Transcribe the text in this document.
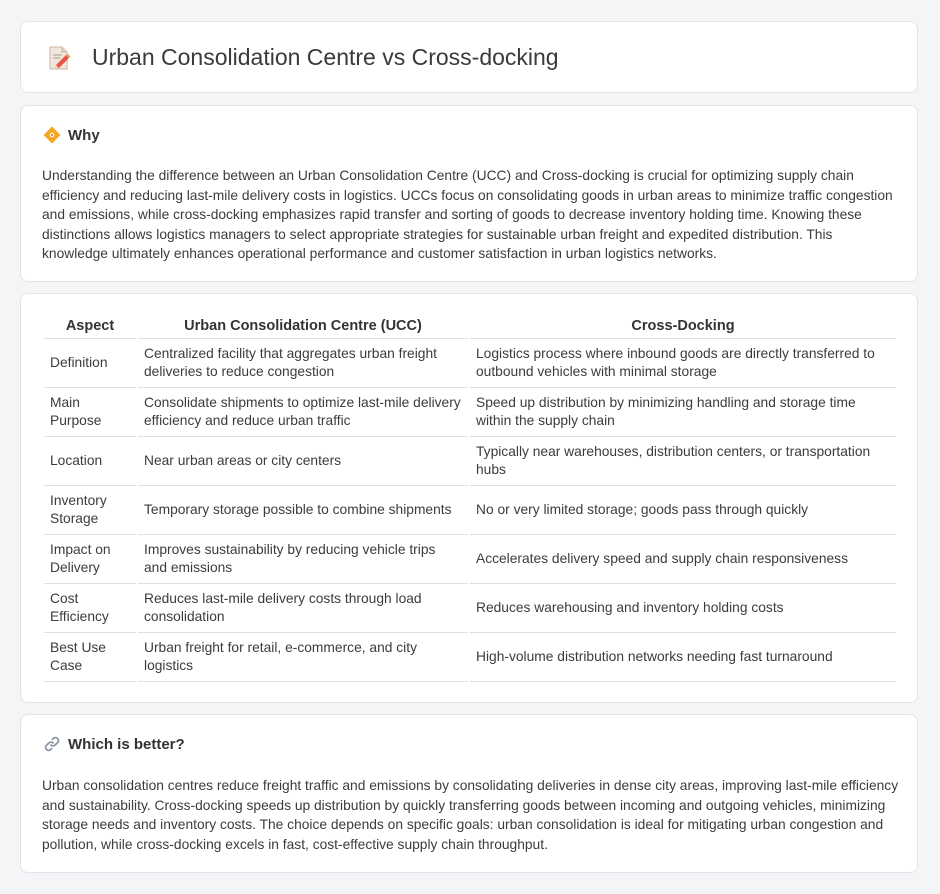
Urban Consolidation Centre vs Cross-docking
Why

Understanding the difference between an Urban Consolidation Centre (UCC) and Cross-docking is crucial for optimizing supply chain efficiency and reducing last-mile delivery costs in logistics. UCCs focus on consolidating goods in urban areas to minimize traffic congestion and emissions, while cross-docking emphasizes rapid transfer and sorting of goods to decrease inventory holding time. Knowing these distinctions allows logistics managers to select appropriate strategies for sustainable urban freight and expedited distribution. This knowledge ultimately enhances operational performance and customer satisfaction in urban logistics networks.

Aspect	Urban Consolidation Centre (UCC)	Cross-Docking
Definition	Centralized facility that aggregates urban freight deliveries to reduce congestion	Logistics process where inbound goods are directly transferred to outbound vehicles with minimal storage
Main Purpose	Consolidate shipments to optimize last-mile delivery efficiency and reduce urban traffic	Speed up distribution by minimizing handling and storage time within the supply chain
Location	Near urban areas or city centers	Typically near warehouses, distribution centers, or transportation hubs
Inventory Storage	Temporary storage possible to combine shipments	No or very limited storage; goods pass through quickly
Impact on Delivery	Improves sustainability by reducing vehicle trips and emissions	Accelerates delivery speed and supply chain responsiveness
Cost Efficiency	Reduces last-mile delivery costs through load consolidation	Reduces warehousing and inventory holding costs
Best Use Case	Urban freight for retail, e-commerce, and city logistics	High-volume distribution networks needing fast turnaround
Which is better?

Urban consolidation centres reduce freight traffic and emissions by consolidating deliveries in dense city areas, improving last-mile efficiency and sustainability. Cross-docking speeds up distribution by quickly transferring goods between incoming and outgoing vehicles, minimizing storage needs and inventory costs. The choice depends on specific goals: urban consolidation is ideal for mitigating urban congestion and pollution, while cross-docking excels in fast, cost-effective supply chain throughput.
